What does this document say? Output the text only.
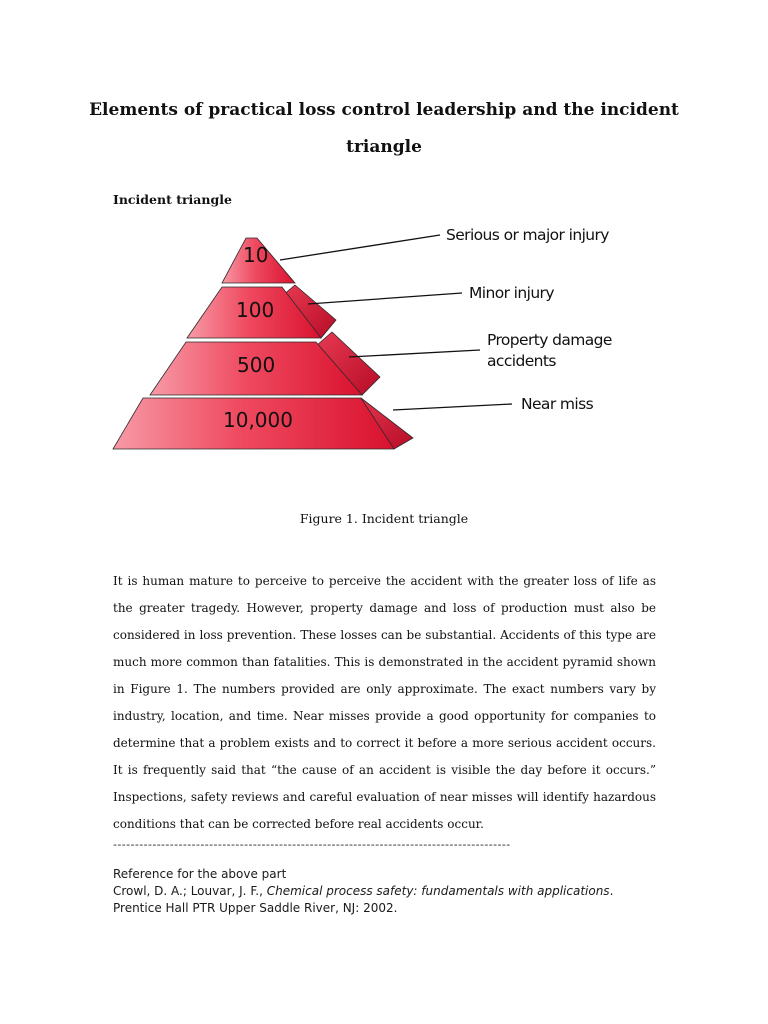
Elements of practical loss control leadership and the incident triangle
Incident triangle
10
100
500
10,000
Serious or major injury
Minor injury
Property damage
accidents
Near miss

Figure 1. Incident triangle

It is human mature to perceive to perceive the accident with the greater loss of life as the greater tragedy. However, property damage and loss of production must also be considered in loss prevention. These losses can be substantial. Accidents of this type are much more common than fatalities. This is demonstrated in the accident pyramid shown in Figure 1. The numbers provided are only approximate. The exact numbers vary by industry, location, and time. Near misses provide a good opportunity for companies to determine that a problem exists and to correct it before a more serious accident occurs. It is frequently said that “the cause of an accident is visible the day before it occurs.” Inspections, safety reviews and careful evaluation of near misses will identify hazardous conditions that can be corrected before real accidents occur.

-------------------------------------------------------------------------------------------
Reference for the above part
Crowl, D. A.; Louvar, J. F., Chemical process safety: fundamentals with applications.
Prentice Hall PTR Upper Saddle River, NJ: 2002.
